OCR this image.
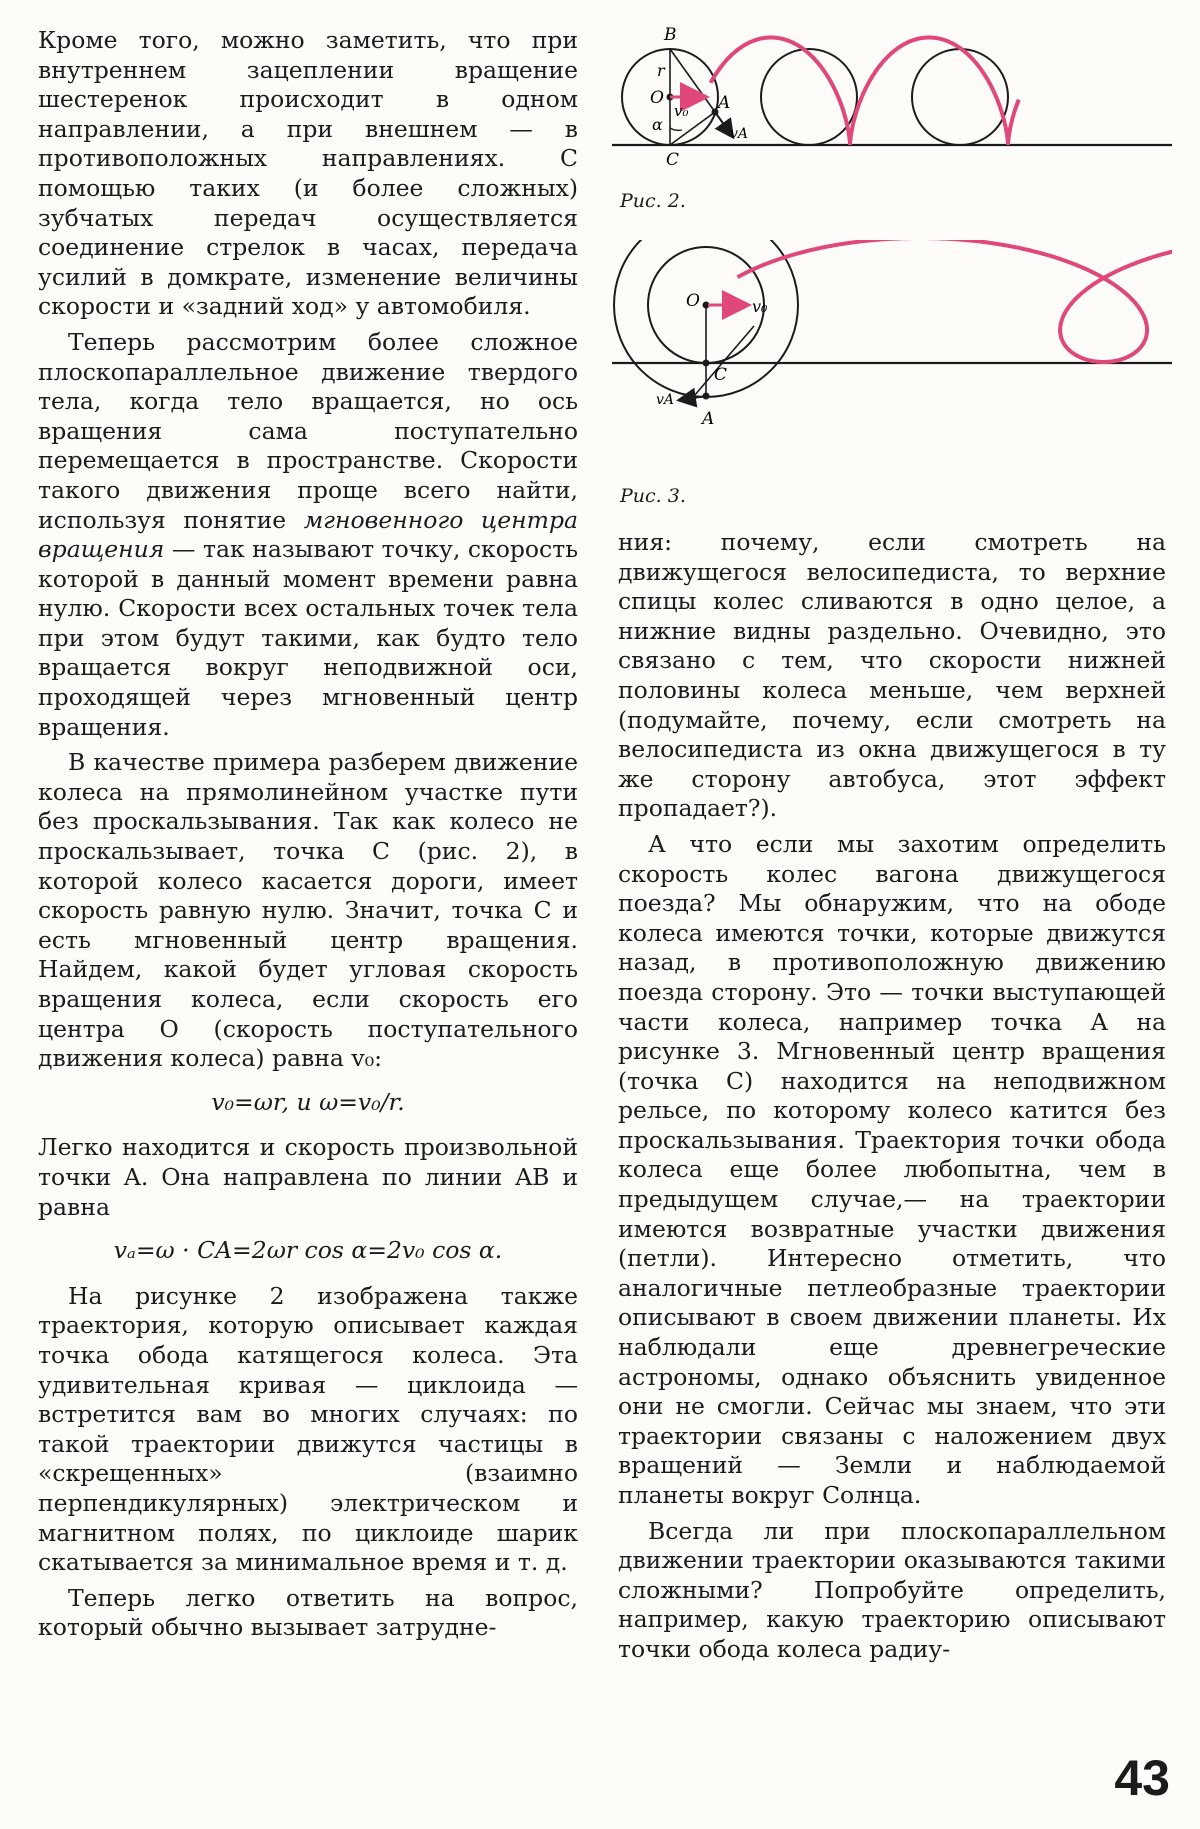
Кроме того, можно заметить, что при внутреннем зацеплении вращение шестеренок происходит в одном направлении, а при внешнем — в противоположных направлениях. С помощью таких (и более сложных) зубчатых передач осуществляется соединение стрелок в часах, передача усилий в домкрате, изменение величины скорости и «задний ход» у автомобиля.

Теперь рассмотрим более сложное плоскопараллельное движение твердого тела, когда тело вращается, но ось вращения сама поступательно перемещается в пространстве. Скорости такого движения проще всего найти, используя понятие мгновенного центра вращения — так называют точку, скорость которой в данный момент времени равна нулю. Скорости всех остальных точек тела при этом будут такими, как будто тело вращается вокруг неподвижной оси, проходящей через мгновенный центр вращения.

В качестве примера разберем движение колеса на прямолинейном участке пути без проскальзывания. Так как колесо не проскальзывает, точка C (рис. 2), в которой колесо касается дороги, имеет скорость равную нулю. Значит, точка C и есть мгновенный центр вращения. Найдем, какой будет угловая скорость вращения колеса, если скорость его центра O (скорость поступательного движения колеса) равна v₀:

v₀=ωr, и ω=v₀/r.

Легко находится и скорость произвольной точки A. Она направлена по линии AB и равна

vₐ=ω · CA=2ωr cos α=2v₀ cos α.

На рисунке 2 изображена также траектория, которую описывает каждая точка обода катящегося колеса. Эта удивительная кривая — циклоида — встретится вам во многих случаях: по такой траектории движутся частицы в «скрещенных» (взаимно перпендикулярных) электрическом и магнитном полях, по циклоиде шарик скатывается за минимальное время и т. д.

Теперь легко ответить на вопрос, который обычно вызывает затрудне-

B
r
O
v₀ A
vA
α
C
Рис. 2.
O	v₀
C
vA
A
Рис. 3.

ния: почему, если смотреть на движущегося велосипедиста, то верхние спицы колес сливаются в одно целое, а нижние видны раздельно. Очевидно, это связано с тем, что скорости нижней половины колеса меньше, чем верхней (подумайте, почему, если смотреть на велосипедиста из окна движущегося в ту же сторону автобуса, этот эффект пропадает?).

А что если мы захотим определить скорость колес вагона движущегося поезда? Мы обнаружим, что на ободе колеса имеются точки, которые движутся назад, в противоположную движению поезда сторону. Это — точки выступающей части колеса, например точка A на рисунке 3. Мгновенный центр вращения (точка C) находится на неподвижном рельсе, по которому колесо катится без проскальзывания. Траектория точки обода колеса еще более любопытна, чем в предыдущем случае,— на траектории имеются возвратные участки движения (петли). Интересно отметить, что аналогичные петлеобразные траектории описывают в своем движении планеты. Их наблюдали еще древнегреческие астрономы, однако объяснить увиденное они не смогли. Сейчас мы знаем, что эти траектории связаны с наложением двух вращений — Земли и наблюдаемой планеты вокруг Солнца.

Всегда ли при плоскопараллельном движении траектории оказываются такими сложными? Попробуйте определить, например, какую траекторию описывают точки обода колеса радиу-

43
